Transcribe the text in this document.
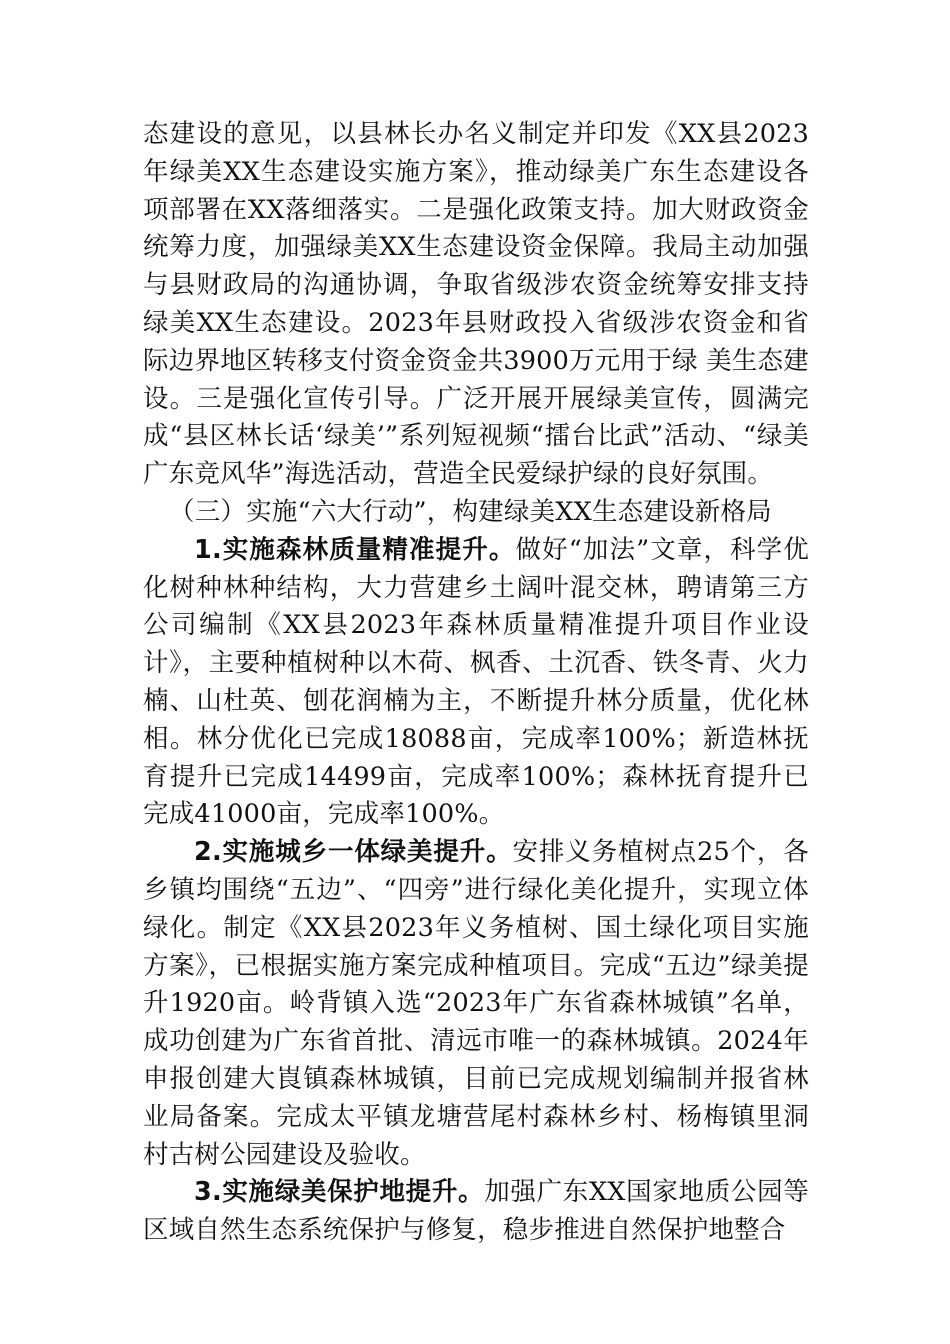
态建设的意见，以县林长办名义制定并印发《XX县2023年绿美XX生态建设实施方案》，推动绿美广东生态建设各项部署在XX落细落实。二是强化政策支持。加大财政资金统筹力度，加强绿美XX生态建设资金保障。我局主动加强与县财政局的沟通协调，争取省级涉农资金统筹安排支持绿美XX生态建设。2023年县财政投入省级涉农资金和省际边界地区转移支付资金资金共3900万元用于绿 美生态建设。三是强化宣传引导。广泛开展开展绿美宣传，圆满完成“县区林长话‘绿美’”系列短视频“擂台比武”活动、“绿美广东竞风华”海选活动，营造全民爱绿护绿的良好氛围。

（三）实施“六大行动”，构建绿美XX生态建设新格局

1.实施森林质量精准提升。做好“加法”文章，科学优化树种林种结构，大力营建乡土阔叶混交林，聘请第三方公司编制《XX县2023年森林质量精准提升项目作业设计》，主要种植树种以木荷、枫香、土沉香、铁冬青、火力楠、山杜英、刨花润楠为主，不断提升林分质量，优化林相。林分优化已完成18088亩，完成率100%；新造林抚育提升已完成14499亩，完成率100%；森林抚育提升已完成41000亩，完成率100%。

2.实施城乡一体绿美提升。安排义务植树点25个，各乡镇均围绕“五边”、“四旁”进行绿化美化提升，实现立体绿化。制定《XX县2023年义务植树、国土绿化项目实施方案》，已根据实施方案完成种植项目。完成“五边”绿美提升1920亩。岭背镇入选“2023年广东省森林城镇”名单，成功创建为广东省首批、清远市唯一的森林城镇。2024年申报创建大崀镇森林城镇，目前已完成规划编制并报省林业局备案。完成太平镇龙塘营尾村森林乡村、杨梅镇里洞村古树公园建设及验收。

3.实施绿美保护地提升。加强广东XX国家地质公园等区域自然生态系统保护与修复，稳步推进自然保护地整合
